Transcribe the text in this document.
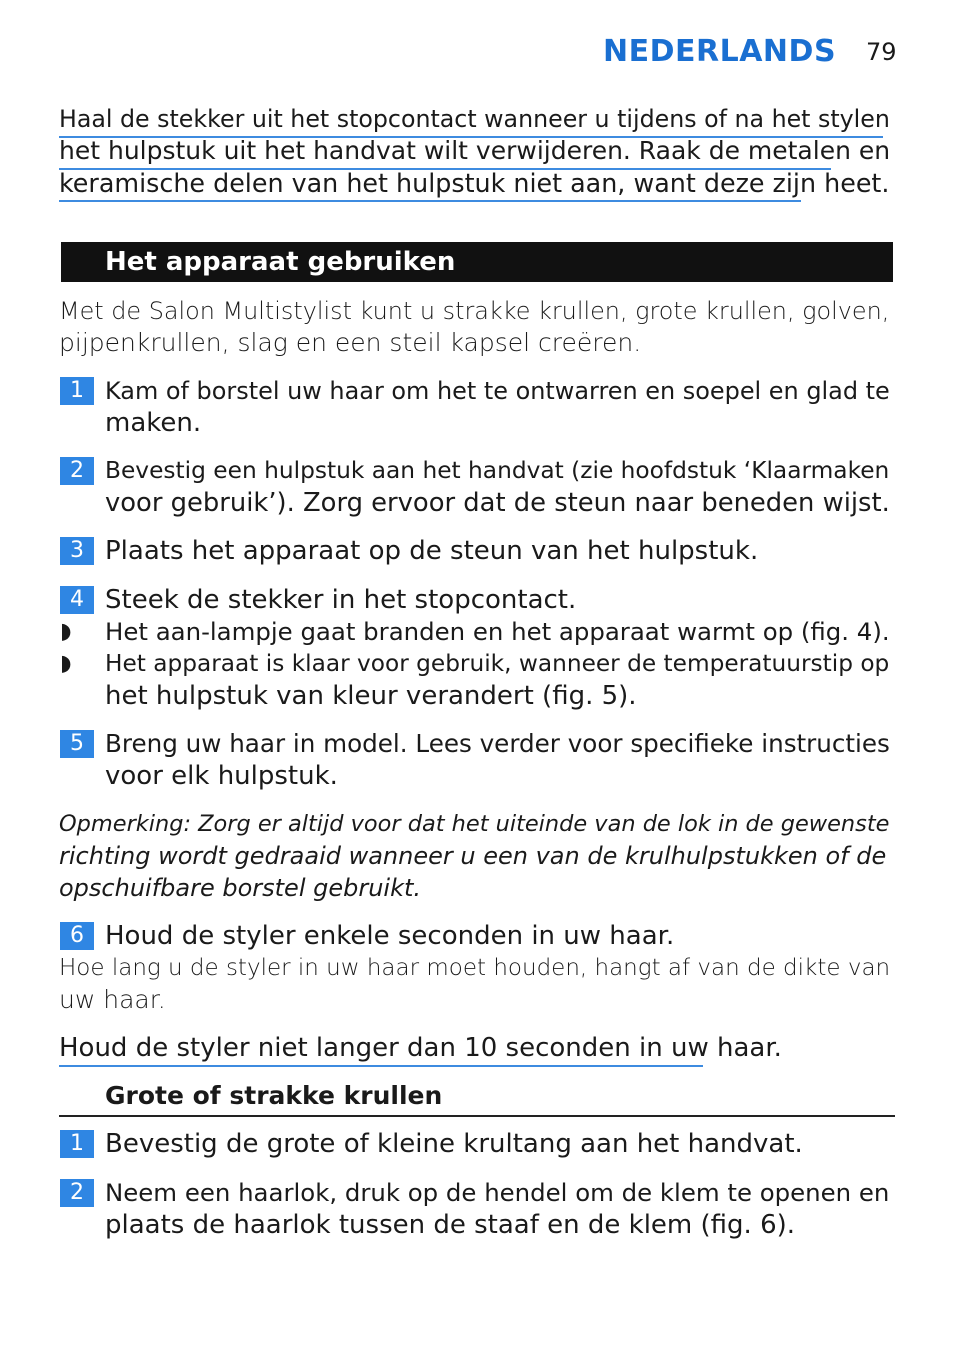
NEDERLANDS 79
Haal de stekker uit het stopcontact wanneer u tijdens of na het stylen
het hulpstuk uit het handvat wilt verwijderen. Raak de metalen en
keramische delen van het hulpstuk niet aan, want deze zijn heet.
Het apparaat gebruiken
Met de Salon Multistylist kunt u strakke krullen, grote krullen, golven,
pijpenkrullen, slag en een steil kapsel creëren.
1 Kam of borstel uw haar om het te ontwarren en soepel en glad te
maken.
2 Bevestig een hulpstuk aan het handvat (zie hoofdstuk ‘Klaarmaken
voor gebruik’). Zorg ervoor dat de steun naar beneden wijst.
3 Plaats het apparaat op de steun van het hulpstuk.
4 Steek de stekker in het stopcontact.
◗ Het aan-lampje gaat branden en het apparaat warmt op (fig. 4).
◗ Het apparaat is klaar voor gebruik, wanneer de temperatuurstip op
het hulpstuk van kleur verandert (fig. 5).
5 Breng uw haar in model. Lees verder voor specifieke instructies
voor elk hulpstuk.
Opmerking: Zorg er altijd voor dat het uiteinde van de lok in de gewenste
richting wordt gedraaid wanneer u een van de krulhulpstukken of de
opschuifbare borstel gebruikt.
6 Houd de styler enkele seconden in uw haar.
Hoe lang u de styler in uw haar moet houden, hangt af van de dikte van
uw haar.
Houd de styler niet langer dan 10 seconden in uw haar.
Grote of strakke krullen
1 Bevestig de grote of kleine krultang aan het handvat.
2 Neem een haarlok, druk op de hendel om de klem te openen en
plaats de haarlok tussen de staaf en de klem (fig. 6).
